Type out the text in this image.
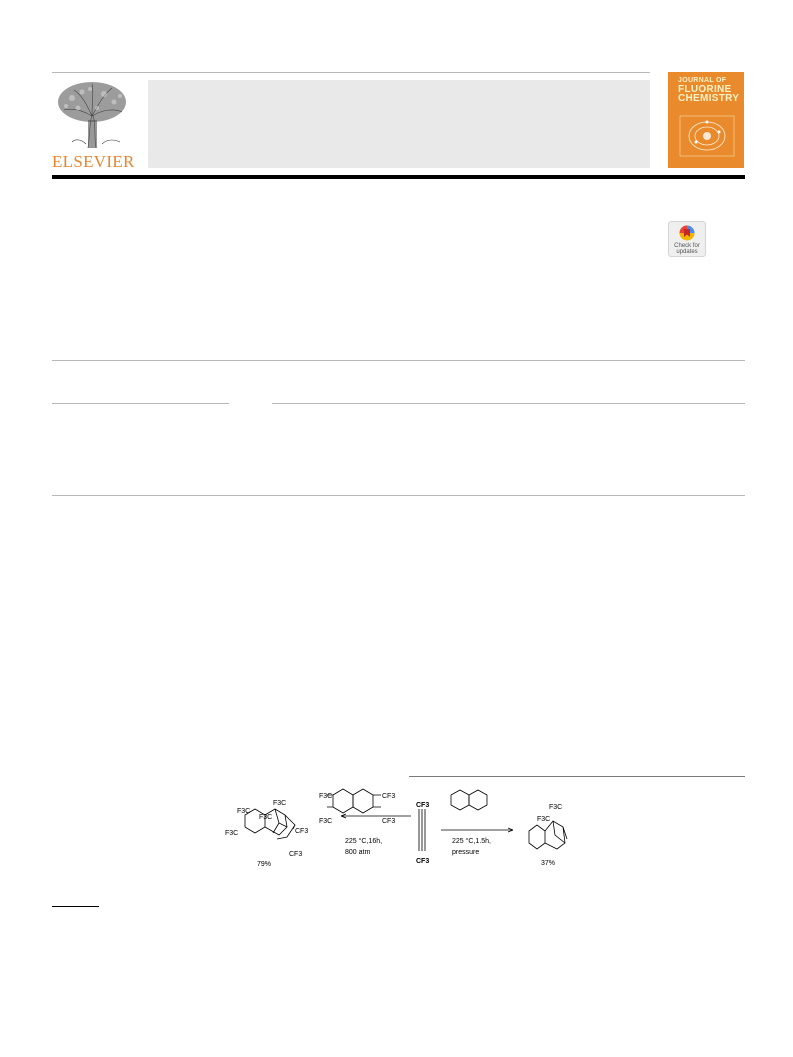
ELSEVIER
JOURNAL OF
FLUORINE
CHEMISTRY
Check for
updates
F3C
F3C
F3C
F3C
CF3
CF3
79%
F3C
F3C
CF3
CF3
225 °C,16h,
800 atm
CF3
CF3
225 °C,1.5h,
pressure
F3C
F3C
37%
